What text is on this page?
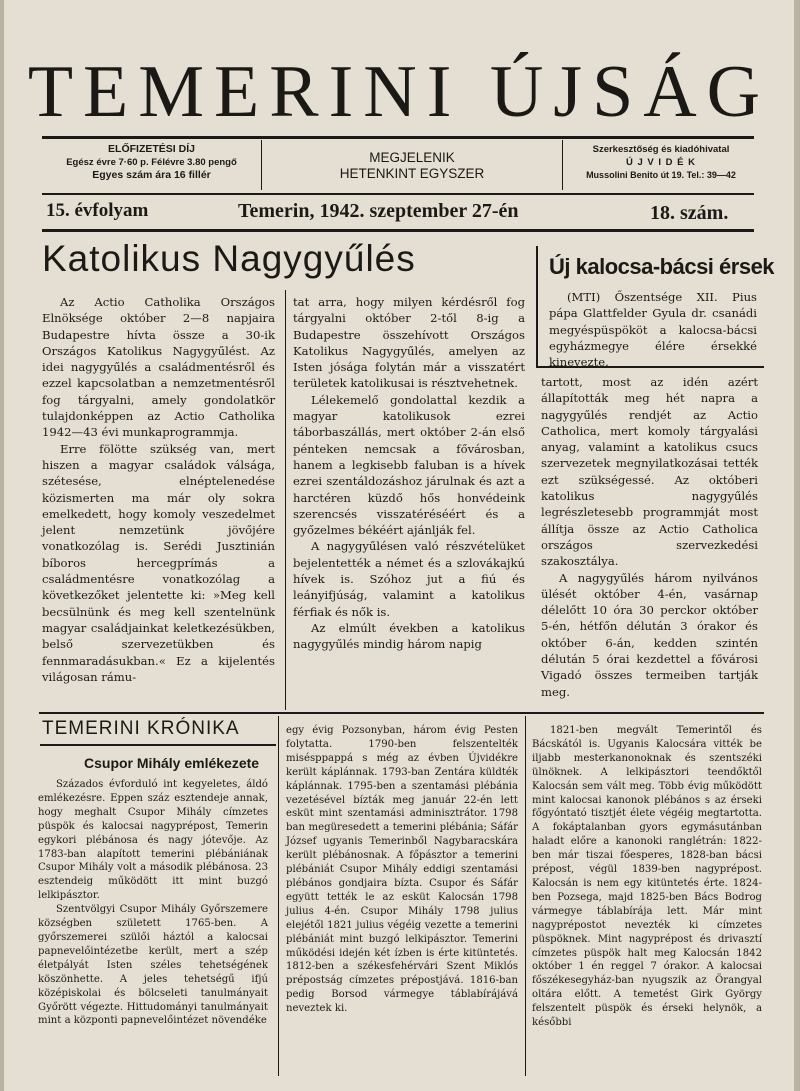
TEMERINI ÚJSÁG
ELŐFIZETÉSI DÍJ
Egész évre 7·60 p. Félévre 3.80 pengő
Egyes szám ára 16 fillér
MEGJELENIK
HETENKINT EGYSZER
Szerkesztőség és kiadóhivatal
Ú J V I D É K
Mussolini Benito út 19. Tel.: 39—42
15. évfolyam	Temerin, 1942. szeptember 27-én	18. szám.
Katolikus Nagygyűlés

Az Actio Catholika Országos Elnöksége október 2—8 napjaira Budapestre hívta össze a 30-ik Országos Katolikus Nagygyűlést. Az idei nagygyűlés a családmentésről és ezzel kapcsolatban a nemzetmentésről fog tárgyalni, amely gondolatkör tulajdonképpen az Actio Catholika 1942—43 évi munkaprogrammja.

Erre fölötte szükség van, mert hiszen a magyar családok válsága, szétesése, elnéptelenedése közismerten ma már oly sokra emelkedett, hogy komoly veszedelmet jelent nemzetünk jövőjére vonatkozólag is. Serédi Jusztinián bíboros hercegprímás a családmentésre vonatkozólag a következőket jelentette ki: »Meg kell becsülnünk és meg kell szentelnünk magyar családjainkat keletkezésükben, belső szervezetükben és fennmaradásukban.« Ez a kijelentés világosan rámu-

tat arra, hogy milyen kérdésről fog tárgyalni október 2-től 8-ig a Budapestre összehívott Országos Katolikus Nagygyűlés, amelyen az Isten jósága folytán már a visszatért területek katolikusai is résztvehetnek.

Lélekemelő gondolattal kezdik a magyar katolikusok ezrei táborbaszállás, mert október 2-án első pénteken nemcsak a fővárosban, hanem a legkisebb faluban is a hívek ezrei szentáldozáshoz járulnak és azt a harctéren küzdő hős honvédeink szerencsés visszatéréséért és a győzelmes békéért ajánlják fel.

A nagygyűlésen való részvételüket bejelentették a német és a szlovákajkú hívek is. Szóhoz jut a fiú és leányifjúság, valamint a katolikus férfiak és nők is.

Az elmúlt években a katolikus nagygyűlés mindig három napig

Új kalocsa-bácsi érsek

(MTI) Őszentsége XII. Pius pápa Glattfelder Gyula dr. csanádi megyéspüspököt a kalocsa-bácsi egyházmegye élére érsekké kinevezte.

tartott, most az idén azért állapították meg hét napra a nagygyűlés rendjét az Actio Catholica, mert komoly tárgyalási anyag, valamint a katolikus csucs szervezetek megnyilatkozásai tették ezt szükségessé. Az októberi katolikus nagygyűlés legrészletesebb programmját most állítja össze az Actio Catholica országos szervezkedési szakosztálya.

A nagygyűlés három nyilvános ülését október 4-én, vasárnap délelőtt 10 óra 30 perckor október 5-én, hétfőn délután 3 órakor és október 6-án, kedden szintén délután 5 órai kezdettel a fővárosi Vigadó összes termeiben tartják meg.

TEMERINI KRÓNIKA
Csupor Mihály emlékezete

Százados évforduló int kegyeletes, áldó emlékezésre. Eppen száz esztendeje annak, hogy meghalt Csupor Mihály címzetes püspök és kalocsai nagyprépost, Temerin egykori plébánosa és nagy jótevője. Az 1783-ban alapított temerini plébániának Csupor Mihály volt a második plébánosa. 23 esztendeig működött itt mint buzgó lelkipásztor.

Szentvölgyi Csupor Mihály Győrszemere községben született 1765-ben. A győrszemerei szülői háztól a kalocsai papnevelőintézetbe került, mert a szép életpályát Isten széles tehetségének köszönhette. A jeles tehetségű ifjú középiskolai és bölcseleti tanulmányait Győrött végezte. Hittudományi tanulmányait mint a központi papnevelőintézet növendéke

egy évig Pozsonyban, három évig Pesten folytatta. 1790-ben felszentelték misésppappá s még az évben Újvidékre került káplánnak. 1793-ban Zentára küldték káplánnak. 1795-ben a szentamási plébánia vezetésével bízták meg január 22-én lett esküt mint szentamási adminisztrátor. 1798 ban megüresedett a temerini plébánia; Sáfár József ugyanis Temerinből Nagybaracskára került plébánosnak. A főpásztor a temerini plébániát Csupor Mihály eddigi szentamási plébános gondjaira bízta. Csupor és Sáfár együtt tették le az esküt Kalocsán 1798 julius 4-én. Csupor Mihály 1798 julius elejétől 1821 julius végéig vezette a temerini plébániát mint buzgó lelkipásztor. Temerini működési idején két ízben is érte kitüntetés. 1812-ben a székesfehérvári Szent Miklós prépostság címzetes prépostjává. 1816-ban pedig Borsod vármegye táblabírájává neveztek ki.

1821-ben megvált Temerintől és Bácskától is. Ugyanis Kalocsára vitték be iljabb mesterkanonoknak és szentszéki ülnöknek. A lelkipásztori teendőktől Kalocsán sem vált meg. Több évig működött mint kalocsai kanonok plébános s az érseki főgyóntató tisztjét élete végéig megtartotta. A fokáptalanban gyors egymásutánban haladt előre a kanonoki ranglétrán: 1822-ben már tiszai főesperes, 1828-ban bácsi prépost, végül 1839-ben nagyprépost. Kalocsán is nem egy kitüntetés érte. 1824-ben Pozsega, majd 1825-ben Bács Bodrog vármegye táblabírája lett. Már mint nagyprépostot nevezték ki címzetes püspöknek. Mint nagyprépost és drivasztí címzetes püspök halt meg Kalocsán 1842 október 1 én reggel 7 órakor. A kalocsai főszékesegyház-ban nyugszik az Örangyal oltára előtt. A temetést Girk György felszentelt püspök és érseki helynök, a későbbi
